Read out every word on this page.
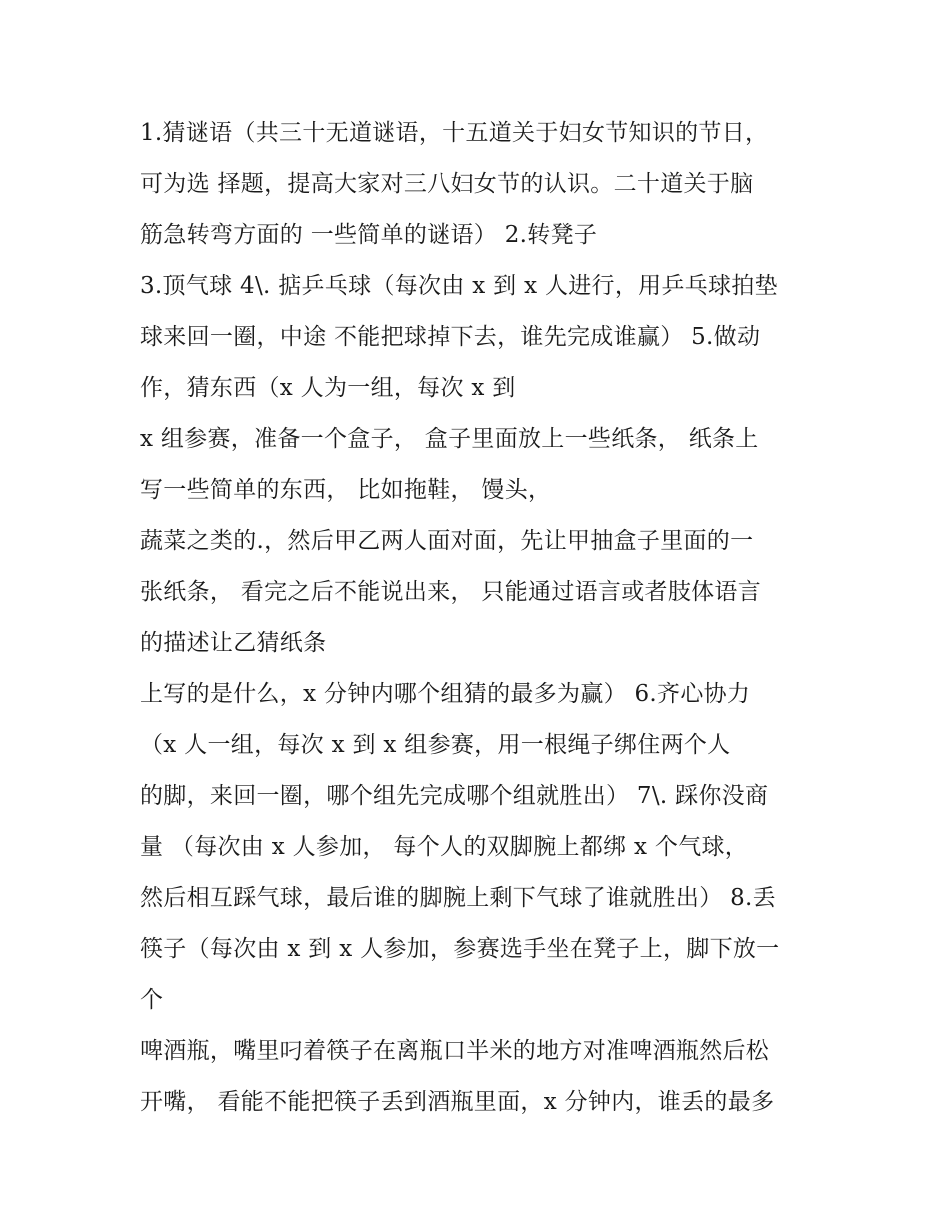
1.猜谜语（共三十无道谜语，十五道关于妇女节知识的节日，
可为选 择题，提高大家对三八妇女节的认识。二十道关于脑
筋急转弯方面的 一些简单的谜语） 2.转凳子
3.顶气球 4\. 掂乒乓球（每次由 x 到 x 人进行，用乒乓球拍垫
球来回一圈，中途 不能把球掉下去，谁先完成谁赢） 5.做动
作，猜东西（x 人为一组，每次 x 到
x 组参赛，准备一个盒子， 盒子里面放上一些纸条， 纸条上
写一些简单的东西， 比如拖鞋， 馒头，
蔬菜之类的.，然后甲乙两人面对面，先让甲抽盒子里面的一
张纸条， 看完之后不能说出来， 只能通过语言或者肢体语言
的描述让乙猜纸条
上写的是什么，x 分钟内哪个组猜的最多为赢） 6.齐心协力
（x 人一组，每次 x 到 x 组参赛，用一根绳子绑住两个人
的脚，来回一圈，哪个组先完成哪个组就胜出） 7\. 踩你没商
量 （每次由 x 人参加， 每个人的双脚腕上都绑 x 个气球，
然后相互踩气球，最后谁的脚腕上剩下气球了谁就胜出） 8.丢
筷子（每次由 x 到 x 人参加，参赛选手坐在凳子上，脚下放一
个
啤酒瓶，嘴里叼着筷子在离瓶口半米的地方对准啤酒瓶然后松
开嘴， 看能不能把筷子丢到酒瓶里面，x 分钟内，谁丢的最多
